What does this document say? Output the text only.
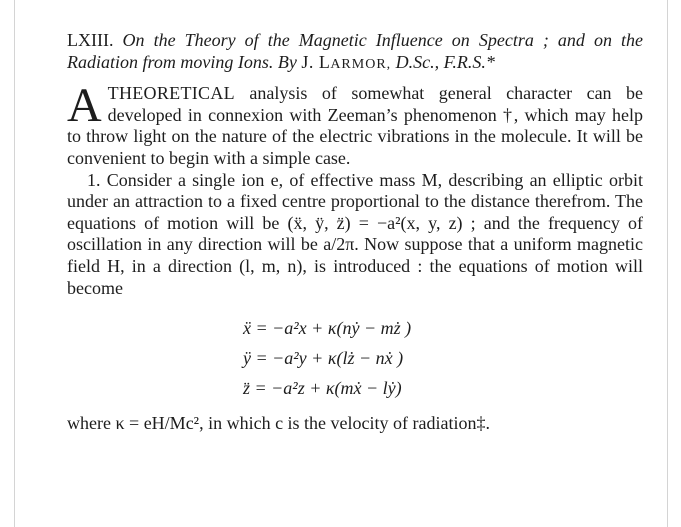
LXIII. On the Theory of the Magnetic Influence on Spectra ; and on the Radiation from moving Ions. By J. LARMOR, D.Sc., F.R.S.*

A THEORETICAL analysis of somewhat general character can be developed in connexion with Zeeman’s phenomenon †, which may help to throw light on the nature of the electric vibrations in the molecule. It will be convenient to begin with a simple case.

1. Consider a single ion e, of effective mass M, describing an elliptic orbit under an attraction to a fixed centre proportional to the distance therefrom. The equations of motion will be (ẍ, ÿ, z̈) = −a²(x, y, z) ; and the frequency of oscillation in any direction will be a/2π. Now suppose that a uniform magnetic field H, in a direction (l, m, n), is introduced : the equations of motion will become

ẍ = −a²x + κ(nẏ − mż )
ÿ = −a²y + κ(lż − nẋ )
z̈ = −a²z + κ(mẋ − lẏ)

where κ = eH/Mc², in which c is the velocity of radiation‡.
